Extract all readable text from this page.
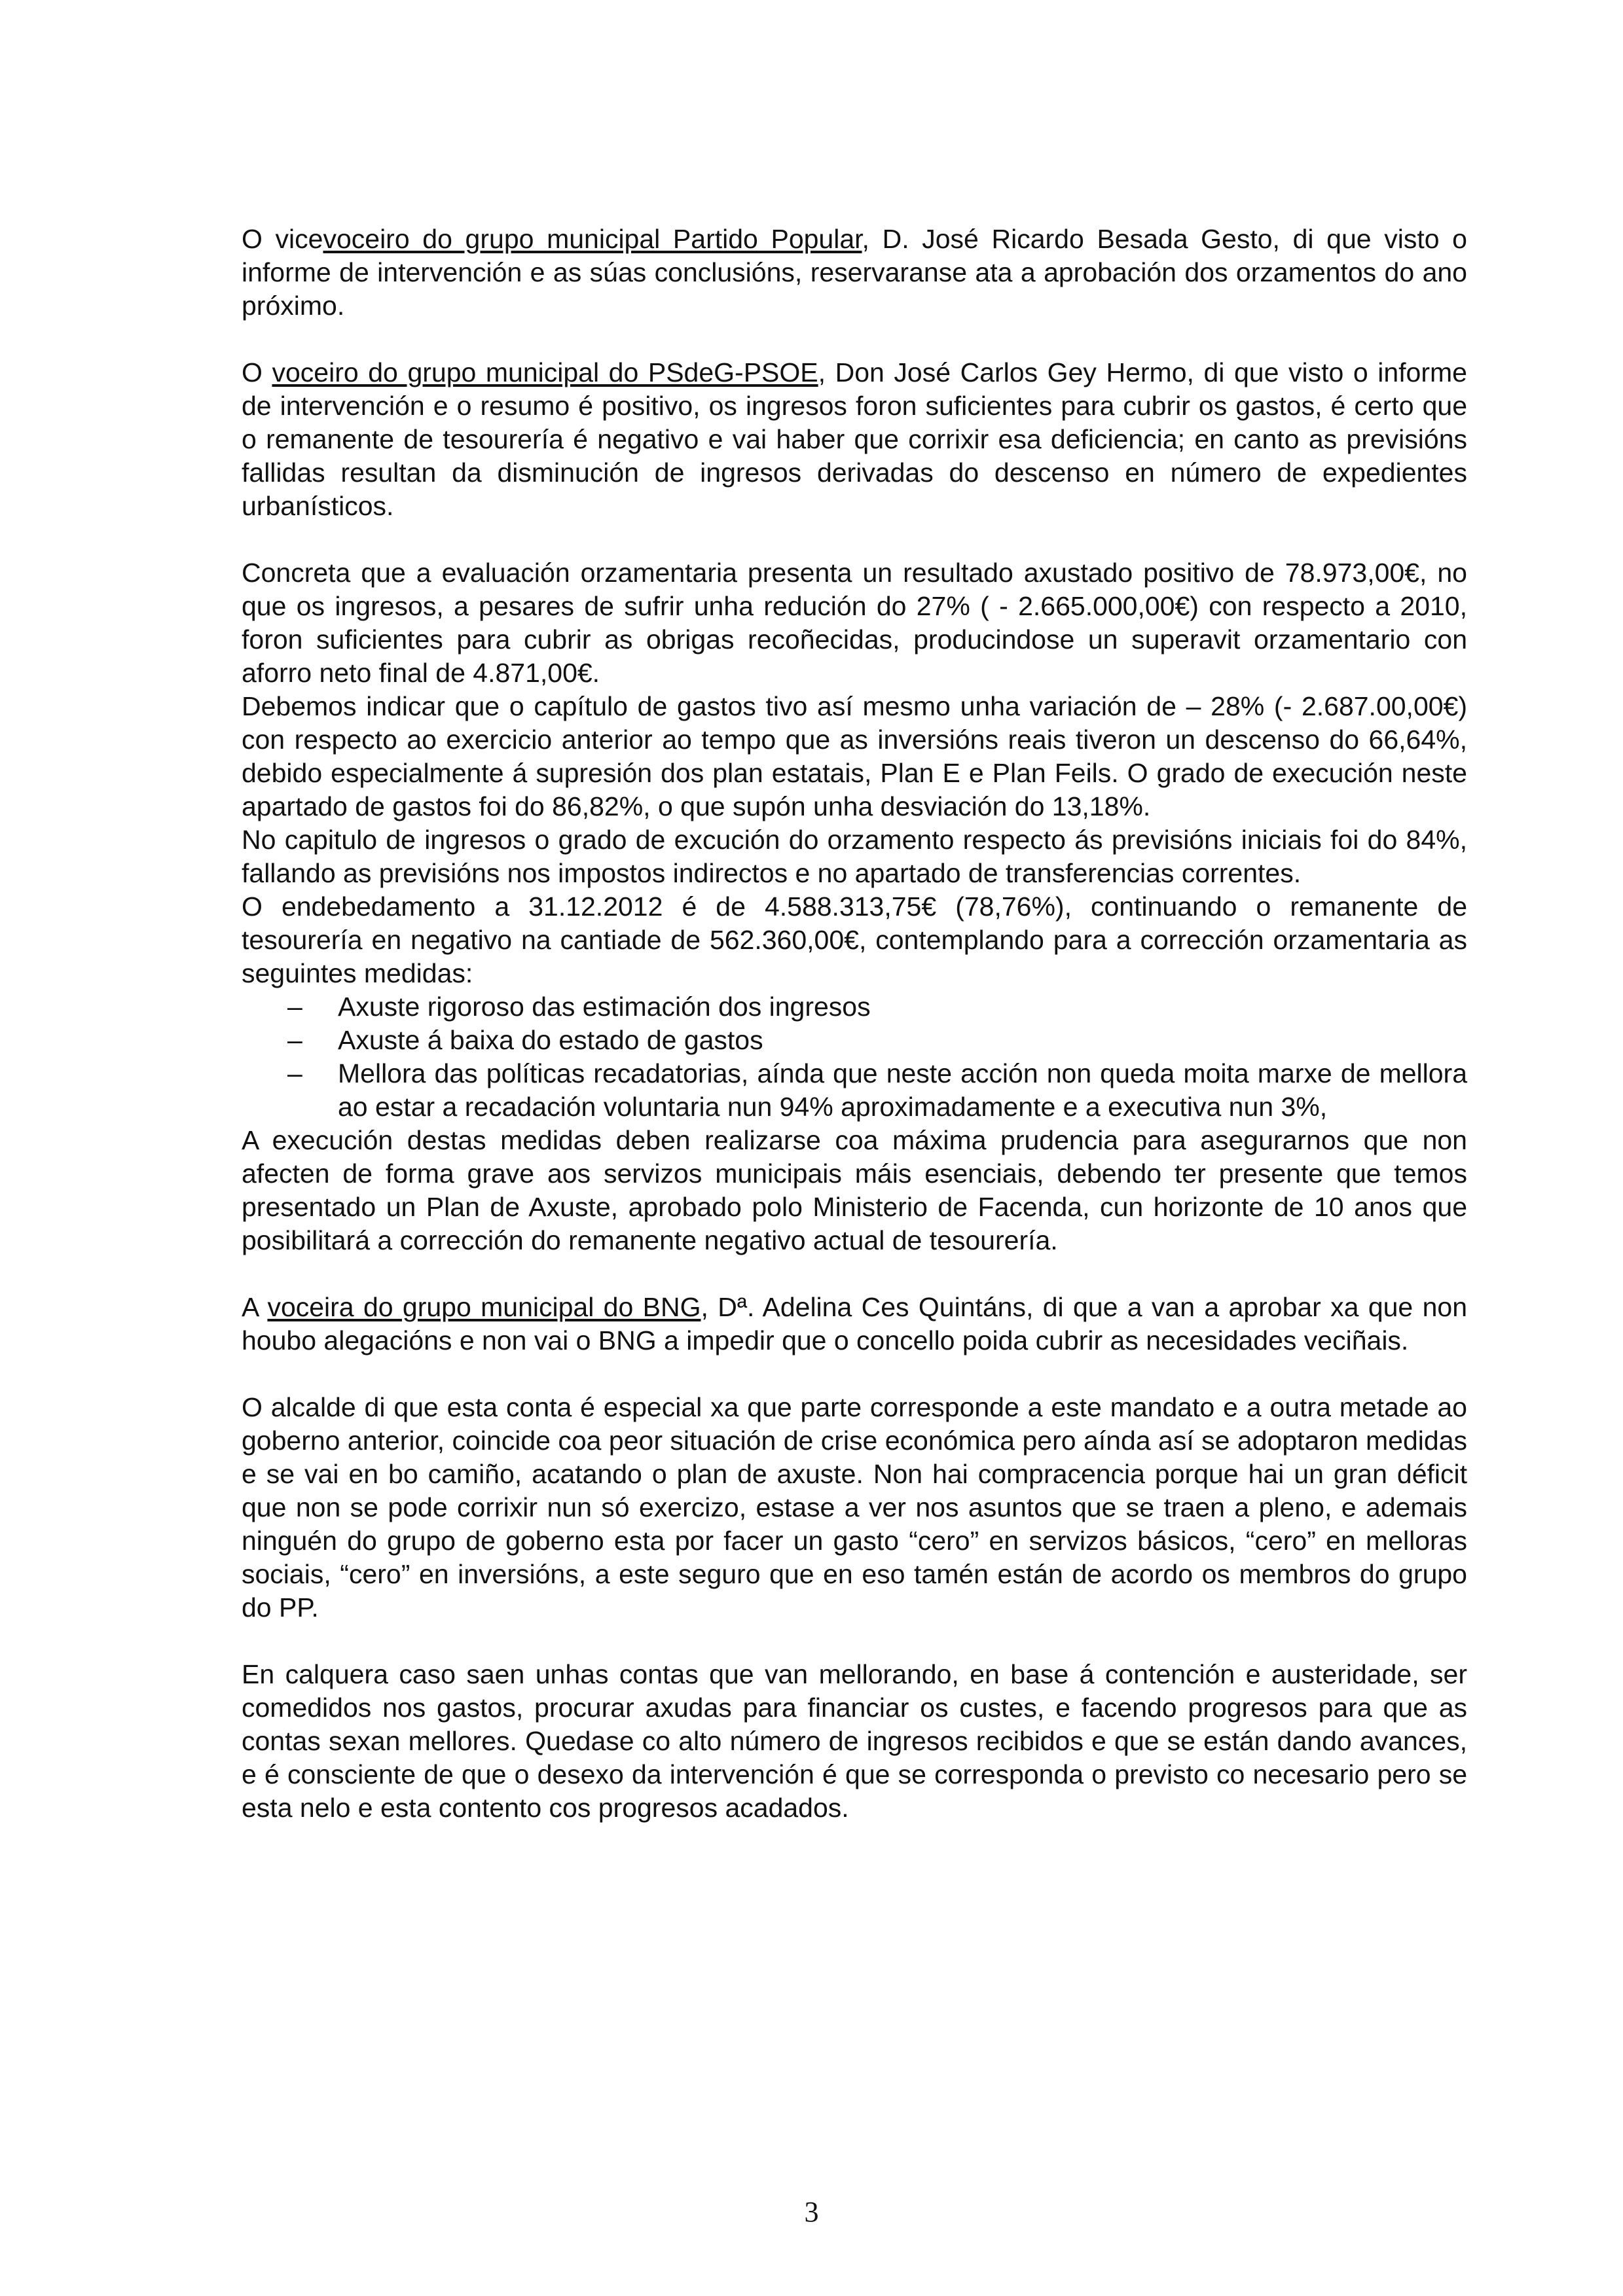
O vicevoceiro do grupo municipal Partido Popular, D. José Ricardo Besada Gesto, di que visto o informe de intervención e as súas conclusións, reservaranse ata a aprobación dos orzamentos do ano próximo.

O voceiro do grupo municipal do PSdeG-PSOE, Don José Carlos Gey Hermo, di que visto o informe de intervención e o resumo é positivo, os ingresos foron suficientes para cubrir os gastos, é certo que o remanente de tesourería é negativo e vai haber que corrixir esa deficiencia; en canto as previsións fallidas resultan da disminución de ingresos derivadas do descenso en número de expedientes urbanísticos.

Concreta que a evaluación orzamentaria presenta un resultado axustado positivo de 78.973,00€, no que os ingresos, a pesares de sufrir unha redución do 27% ( - 2.665.000,00€) con respecto a 2010, foron suficientes para cubrir as obrigas recoñecidas, producindose un superavit orzamentario con aforro neto final de 4.871,00€.

Debemos indicar que o capítulo de gastos tivo así mesmo unha variación de – 28% (- 2.687.00,00€) con respecto ao exercicio anterior ao tempo que as inversións reais tiveron un descenso do 66,64%, debido especialmente á supresión dos plan estatais, Plan E e Plan Feils. O grado de execución neste apartado de gastos foi do 86,82%, o que supón unha desviación do 13,18%.

No capitulo de ingresos o grado de excución do orzamento respecto ás previsións iniciais foi do 84%, fallando as previsións nos impostos indirectos e no apartado de transferencias correntes.

O endebedamento a 31.12.2012 é de 4.588.313,75€ (78,76%), continuando o remanente de tesourería en negativo na cantiade de 562.360,00€, contemplando para a corrección orzamentaria as seguintes medidas:

– Axuste rigoroso das estimación dos ingresos
– Axuste á baixa do estado de gastos
– Mellora das políticas recadatorias, aínda que neste acción non queda moita marxe de mellora ao estar a recadación voluntaria nun 94% aproximadamente e a executiva nun 3%,

A execución destas medidas deben realizarse coa máxima prudencia para asegurarnos que non afecten de forma grave aos servizos municipais máis esenciais, debendo ter presente que temos presentado un Plan de Axuste, aprobado polo Ministerio de Facenda, cun horizonte de 10 anos que posibilitará a corrección do remanente negativo actual de tesourería.

A voceira do grupo municipal do BNG, Dª. Adelina Ces Quintáns, di que a van a aprobar xa que non houbo alegacións e non vai o BNG a impedir que o concello poida cubrir as necesidades veciñais.

O alcalde di que esta conta é especial xa que parte corresponde a este mandato e a outra metade ao goberno anterior, coincide coa peor situación de crise económica pero aínda así se adoptaron medidas e se vai en bo camiño, acatando o plan de axuste. Non hai compracencia porque hai un gran déficit que non se pode corrixir nun só exercizo, estase a ver nos asuntos que se traen a pleno, e ademais ninguén do grupo de goberno esta por facer un gasto “cero” en servizos básicos, “cero” en melloras sociais, “cero” en inversións, a este seguro que en eso tamén están de acordo os membros do grupo do PP.

En calquera caso saen unhas contas que van mellorando, en base á contención e austeridade, ser comedidos nos gastos, procurar axudas para financiar os custes, e facendo progresos para que as contas sexan mellores. Quedase co alto número de ingresos recibidos e que se están dando avances, e é consciente de que o desexo da intervención é que se corresponda o previsto co necesario pero se esta nelo e esta contento cos progresos acadados.

3
